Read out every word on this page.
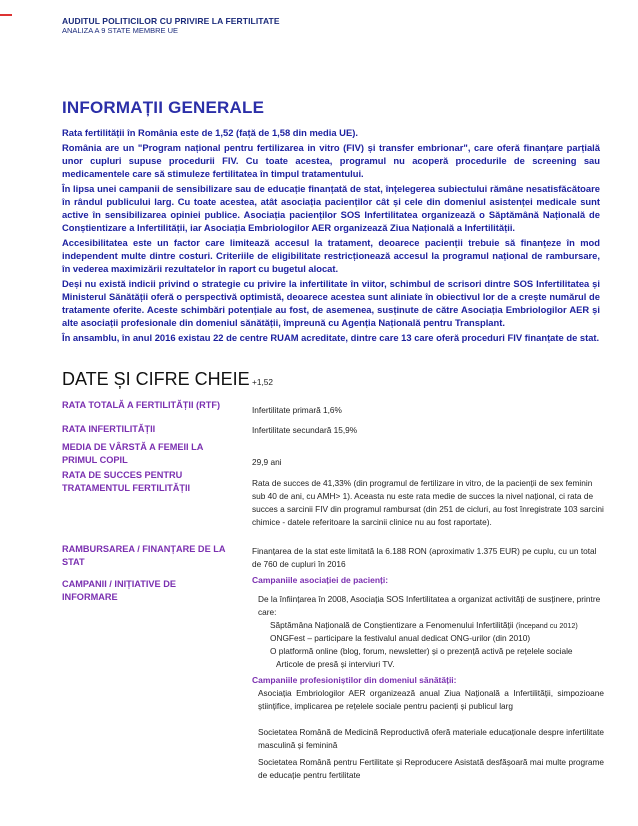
AUDITUL POLITICILOR CU PRIVIRE LA FERTILITATE
ANALIZA A 9 STATE MEMBRE UE
INFORMAȚII GENERALE

Rata fertilității în România este de 1,52 (față de 1,58 din media UE).

România are un "Program național pentru fertilizarea in vitro (FIV) și transfer embrionar", care oferă finanțare parțială unor cupluri supuse procedurii FIV. Cu toate acestea, programul nu acoperă procedurile de screening sau medicamentele care să stimuleze fertilitatea în timpul tratamentului.

În lipsa unei campanii de sensibilizare sau de educație finanțată de stat, înțelegerea subiectului rămâne nesatisfăcătoare în rândul publicului larg. Cu toate acestea, atât asociația pacienților cât și cele din domeniul asistenței medicale sunt active în sensibilizarea opiniei publice. Asociația pacienților SOS Infertilitatea organizează o Săptămână Națională de Conștientizare a Infertilității, iar Asociația Embriologilor AER organizează Ziua Națională a Infertilității.

Accesibilitatea este un factor care limitează accesul la tratament, deoarece pacienții trebuie să finanțeze în mod independent multe dintre costuri. Criteriile de eligibilitate restricționează accesul la programul național de rambursare, în vederea maximizării rezultatelor în raport cu bugetul alocat.

Deși nu există indicii privind o strategie cu privire la infertilitate în viitor, schimbul de scrisori dintre SOS Infertilitatea și Ministerul Sănătății oferă o perspectivă optimistă, deoarece acestea sunt aliniate în obiectivul lor de a crește numărul de tratamente oferite. Aceste schimbări potențiale au fost, de asemenea, susținute de către Asociația Embriologilor AER și alte asociații profesionale din domeniul sănătății, împreună cu Agenția Națională pentru Transplant.

În ansamblu, în anul 2016 existau 22 de centre RUAM acreditate, dintre care 13 care oferă proceduri FIV finanțate de stat.

DATE ȘI CIFRE CHEIE
RATA TOTALĂ A FERTILITĂȚII (RTF)
RATA INFERTILITĂȚII
MEDIA DE VÂRSTĂ A FEMEII LA PRIMUL COPIL
RATA DE SUCCES PENTRU TRATAMENTUL FERTILITĂȚII
RAMBURSAREA / FINANȚARE DE LA STAT
CAMPANII / INIȚIATIVE DE INFORMARE
+1,52
Infertilitate primară 1,6%
Infertilitate secundară 15,9%
29,9 ani
Rata de succes de 41,33% (din programul de fertilizare in vitro, de la pacienții de sex feminin sub 40 de ani, cu AMH> 1). Aceasta nu este rata medie de succes la nivel național, ci rata de succes a sarcinii FIV din programul rambursat (din 251 de cicluri, au fost înregistrate 103 sarcini chimice - datele referitoare la sarcinii clinice nu au fost raportate).
Finanțarea de la stat este limitată la 6.188 RON (aproximativ 1.375 EUR) pe cuplu, cu un total de 760 de cupluri în 2016

Campaniile asociației de pacienți:

De la înființarea în 2008, Asociația SOS Infertilitatea a organizat activități de susținere, printre care:

Săptămâna Națională de Conștientizare a Fenomenului Infertilității (începand cu 2012)

ONGFest – participare la festivalul anual dedicat ONG-urilor (din 2010)

O platformă online (blog, forum, newsletter) și o prezență activă pe rețelele sociale

Articole de presă și interviuri TV.

Campaniile profesioniștilor din domeniul sănătății:

Asociația Embriologilor AER organizează anual Ziua Națională a Infertilității, simpozioane științifice, implicarea pe rețelele sociale pentru pacienți și publicul larg

Societatea Română de Medicină Reproductivă oferă materiale educaționale despre infertilitate masculină și feminină

Societatea Română pentru Fertilitate și Reproducere Asistată desfășoară mai multe programe de educație pentru fertilitate
